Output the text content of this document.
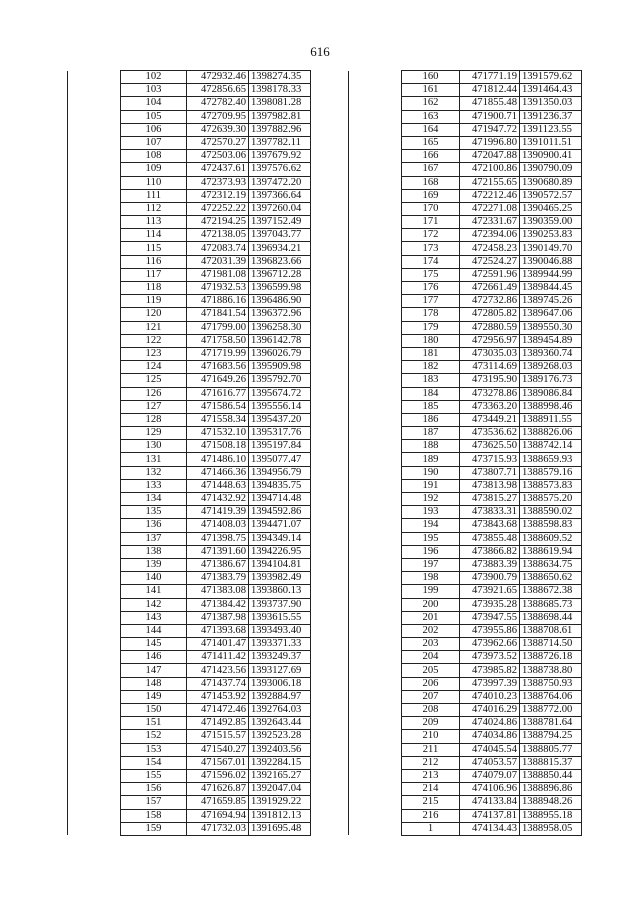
616
	102	472932.46	1398274.35
	103	472856.65	1398178.33
	104	472782.40	1398081.28
	105	472709.95	1397982.81
	106	472639.30	1397882.96
	107	472570.27	1397782.11
	108	472503.06	1397679.92
	109	472437.61	1397576.62
	110	472373.93	1397472.20
	111	472312.19	1397366.64
	112	472252.22	1397260.04
	113	472194.25	1397152.49
	114	472138.05	1397043.77
	115	472083.74	1396934.21
	116	472031.39	1396823.66
	117	471981.08	1396712.28
	118	471932.53	1396599.98
	119	471886.16	1396486.90
	120	471841.54	1396372.96
	121	471799.00	1396258.30
	122	471758.50	1396142.78
	123	471719.99	1396026.79
	124	471683.56	1395909.98
	125	471649.26	1395792.70
	126	471616.77	1395674.72
	127	471586.54	1395556.14
	128	471558.34	1395437.20
	129	471532.10	1395317.76
	130	471508.18	1395197.84
	131	471486.10	1395077.47
	132	471466.36	1394956.79
	133	471448.63	1394835.75
	134	471432.92	1394714.48
	135	471419.39	1394592.86
	136	471408.03	1394471.07
	137	471398.75	1394349.14
	138	471391.60	1394226.95
	139	471386.67	1394104.81
	140	471383.79	1393982.49
	141	471383.08	1393860.13
	142	471384.42	1393737.90
	143	471387.98	1393615.55
	144	471393.68	1393493.40
	145	471401.47	1393371.33
	146	471411.42	1393249.37
	147	471423.56	1393127.69
	148	471437.74	1393006.18
	149	471453.92	1392884.97
	150	471472.46	1392764.03
	151	471492.85	1392643.44
	152	471515.57	1392523.28
	153	471540.27	1392403.56
	154	471567.01	1392284.15
	155	471596.02	1392165.27
	156	471626.87	1392047.04
	157	471659.85	1391929.22
	158	471694.94	1391812.13
	159	471732.03	1391695.48
	160	471771.19	1391579.62
	161	471812.44	1391464.43
	162	471855.48	1391350.03
	163	471900.71	1391236.37
	164	471947.72	1391123.55
	165	471996.80	1391011.51
	166	472047.88	1390900.41
	167	472100.86	1390790.09
	168	472155.65	1390680.89
	169	472212.46	1390572.57
	170	472271.08	1390465.25
	171	472331.67	1390359.00
	172	472394.06	1390253.83
	173	472458.23	1390149.70
	174	472524.27	1390046.88
	175	472591.96	1389944.99
	176	472661.49	1389844.45
	177	472732.86	1389745.26
	178	472805.82	1389647.06
	179	472880.59	1389550.30
	180	472956.97	1389454.89
	181	473035.03	1389360.74
	182	473114.69	1389268.03
	183	473195.90	1389176.73
	184	473278.86	1389086.84
	185	473363.20	1388998.46
	186	473449.21	1388911.55
	187	473536.62	1388826.06
	188	473625.50	1388742.14
	189	473715.93	1388659.93
	190	473807.71	1388579.16
	191	473813.98	1388573.83
	192	473815.27	1388575.20
	193	473833.31	1388590.02
	194	473843.68	1388598.83
	195	473855.48	1388609.52
	196	473866.82	1388619.94
	197	473883.39	1388634.75
	198	473900.79	1388650.62
	199	473921.65	1388672.38
	200	473935.28	1388685.73
	201	473947.55	1388698.44
	202	473955.86	1388708.61
	203	473962.66	1388714.50
	204	473973.52	1388726.18
	205	473985.82	1388738.80
	206	473997.39	1388750.93
	207	474010.23	1388764.06
	208	474016.29	1388772.00
	209	474024.86	1388781.64
	210	474034.86	1388794.25
	211	474045.54	1388805.77
	212	474053.57	1388815.37
	213	474079.07	1388850.44
	214	474106.96	1388896.86
	215	474133.84	1388948.26
	216	474137.81	1388955.18
	1	474134.43	1388958.05
